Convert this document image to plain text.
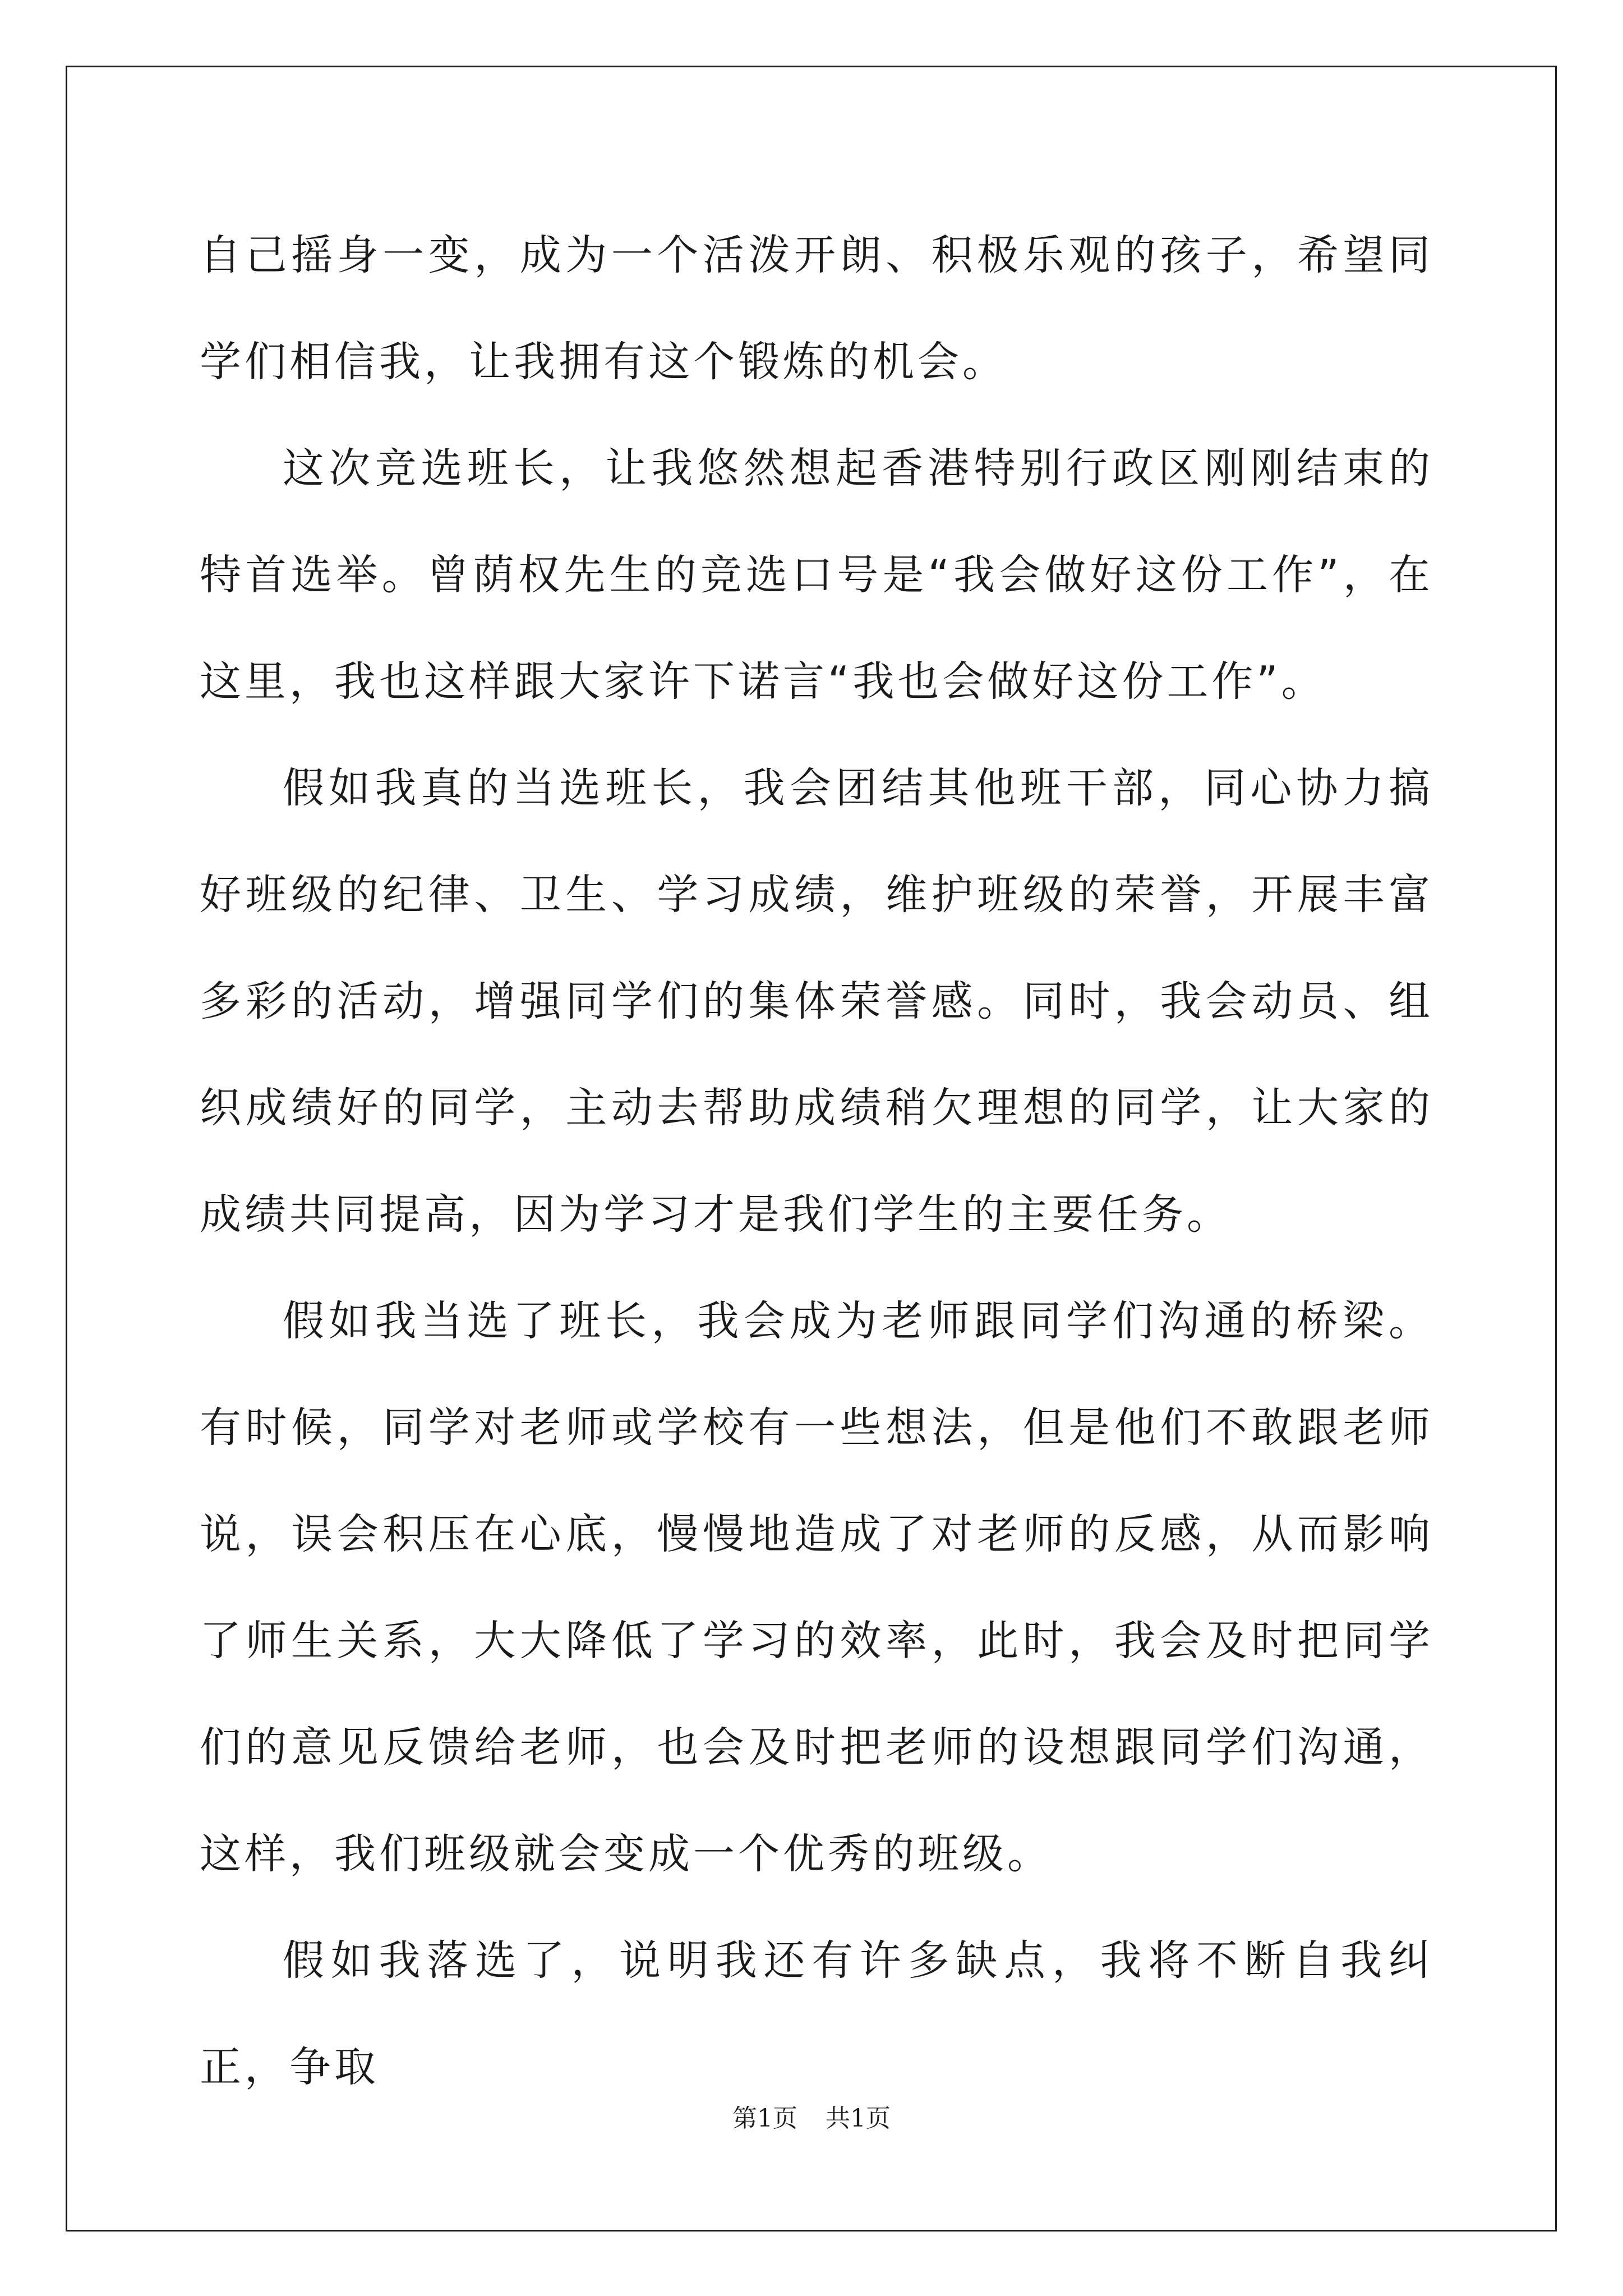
自己摇身一变，成为一个活泼开朗、积极乐观的孩子，希望同学们相信我，让我拥有这个锻炼的机会。

这次竞选班长，让我悠然想起香港特别行政区刚刚结束的特首选举。曾荫权先生的竞选口号是“我会做好这份工作”，在这里，我也这样跟大家许下诺言“我也会做好这份工作”。

假如我真的当选班长，我会团结其他班干部，同心协力搞好班级的纪律、卫生、学习成绩，维护班级的荣誉，开展丰富多彩的活动，增强同学们的集体荣誉感。同时，我会动员、组织成绩好的同学，主动去帮助成绩稍欠理想的同学，让大家的成绩共同提高，因为学习才是我们学生的主要任务。

假如我当选了班长，我会成为老师跟同学们沟通的桥梁。有时候，同学对老师或学校有一些想法，但是他们不敢跟老师说，误会积压在心底，慢慢地造成了对老师的反感，从而影响了师生关系，大大降低了学习的效率，此时，我会及时把同学们的意见反馈给老师，也会及时把老师的设想跟同学们沟通，这样，我们班级就会变成一个优秀的班级。

假如我落选了，说明我还有许多缺点，我将不断自我纠正，争取

第1页 共1页
